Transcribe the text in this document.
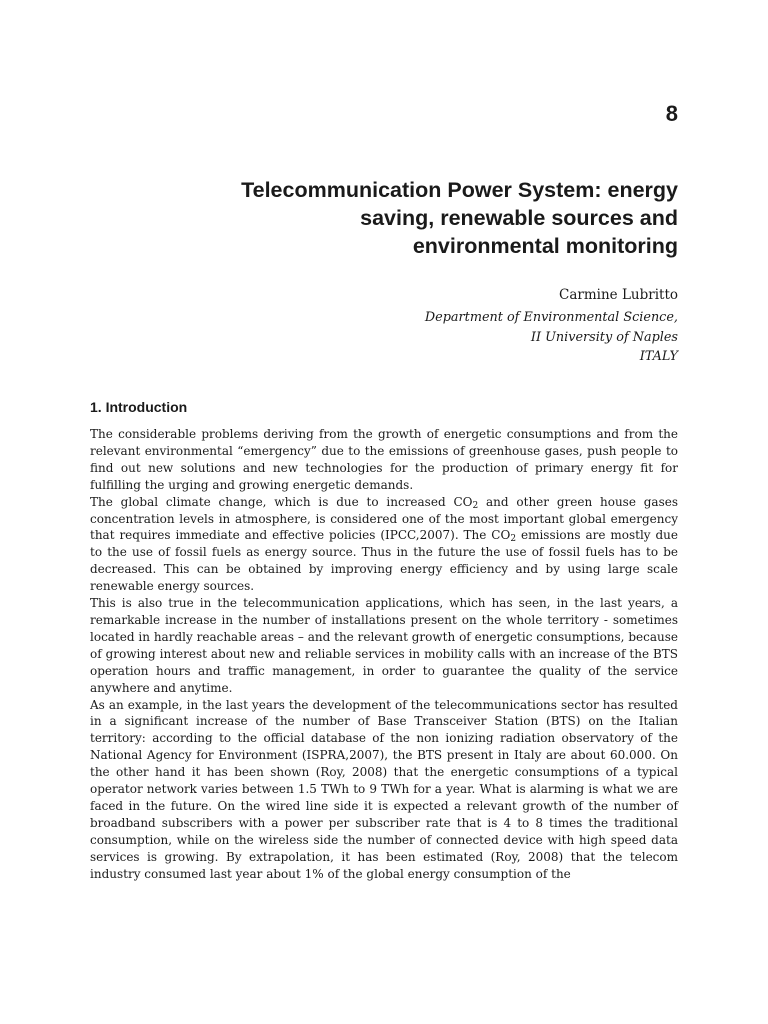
8
Telecommunication Power System: energy
saving, renewable sources and
environmental monitoring
Carmine Lubritto
Department of Environmental Science,
II University of Naples
ITALY
1. Introduction

The considerable problems deriving from the growth of energetic consumptions and from the relevant environmental “emergency” due to the emissions of greenhouse gases, push people to find out new solutions and new technologies for the production of primary energy fit for fulfilling the urging and growing energetic demands.

The global climate change, which is due to increased $CO_2$ and other green house gases concentration levels in atmosphere, is considered one of the most important global emergency that requires immediate and effective policies (IPCC,2007). The $CO_2$ emissions are mostly due to the use of fossil fuels as energy source. Thus in the future the use of fossil fuels has to be decreased. This can be obtained by improving energy efficiency and by using large scale renewable energy sources.

This is also true in the telecommunication applications, which has seen, in the last years, a remarkable increase in the number of installations present on the whole territory - sometimes located in hardly reachable areas – and the relevant growth of energetic consumptions, because of growing interest about new and reliable services in mobility calls with an increase of the BTS operation hours and traffic management, in order to guarantee the quality of the service anywhere and anytime.

As an example, in the last years the development of the telecommunications sector has resulted in a significant increase of the number of Base Transceiver Station (BTS) on the Italian territory: according to the official database of the non ionizing radiation observatory of the National Agency for Environment (ISPRA,2007), the BTS present in Italy are about 60.000. On the other hand it has been shown (Roy, 2008) that the energetic consumptions of a typical operator network varies between 1.5 TWh to 9 TWh for a year. What is alarming is what we are faced in the future. On the wired line side it is expected a relevant growth of the number of broadband subscribers with a power per subscriber rate that is 4 to 8 times the traditional consumption, while on the wireless side the number of connected device with high speed data services is growing. By extrapolation, it has been estimated (Roy, 2008) that the telecom industry consumed last year about 1% of the global energy consumption of the
